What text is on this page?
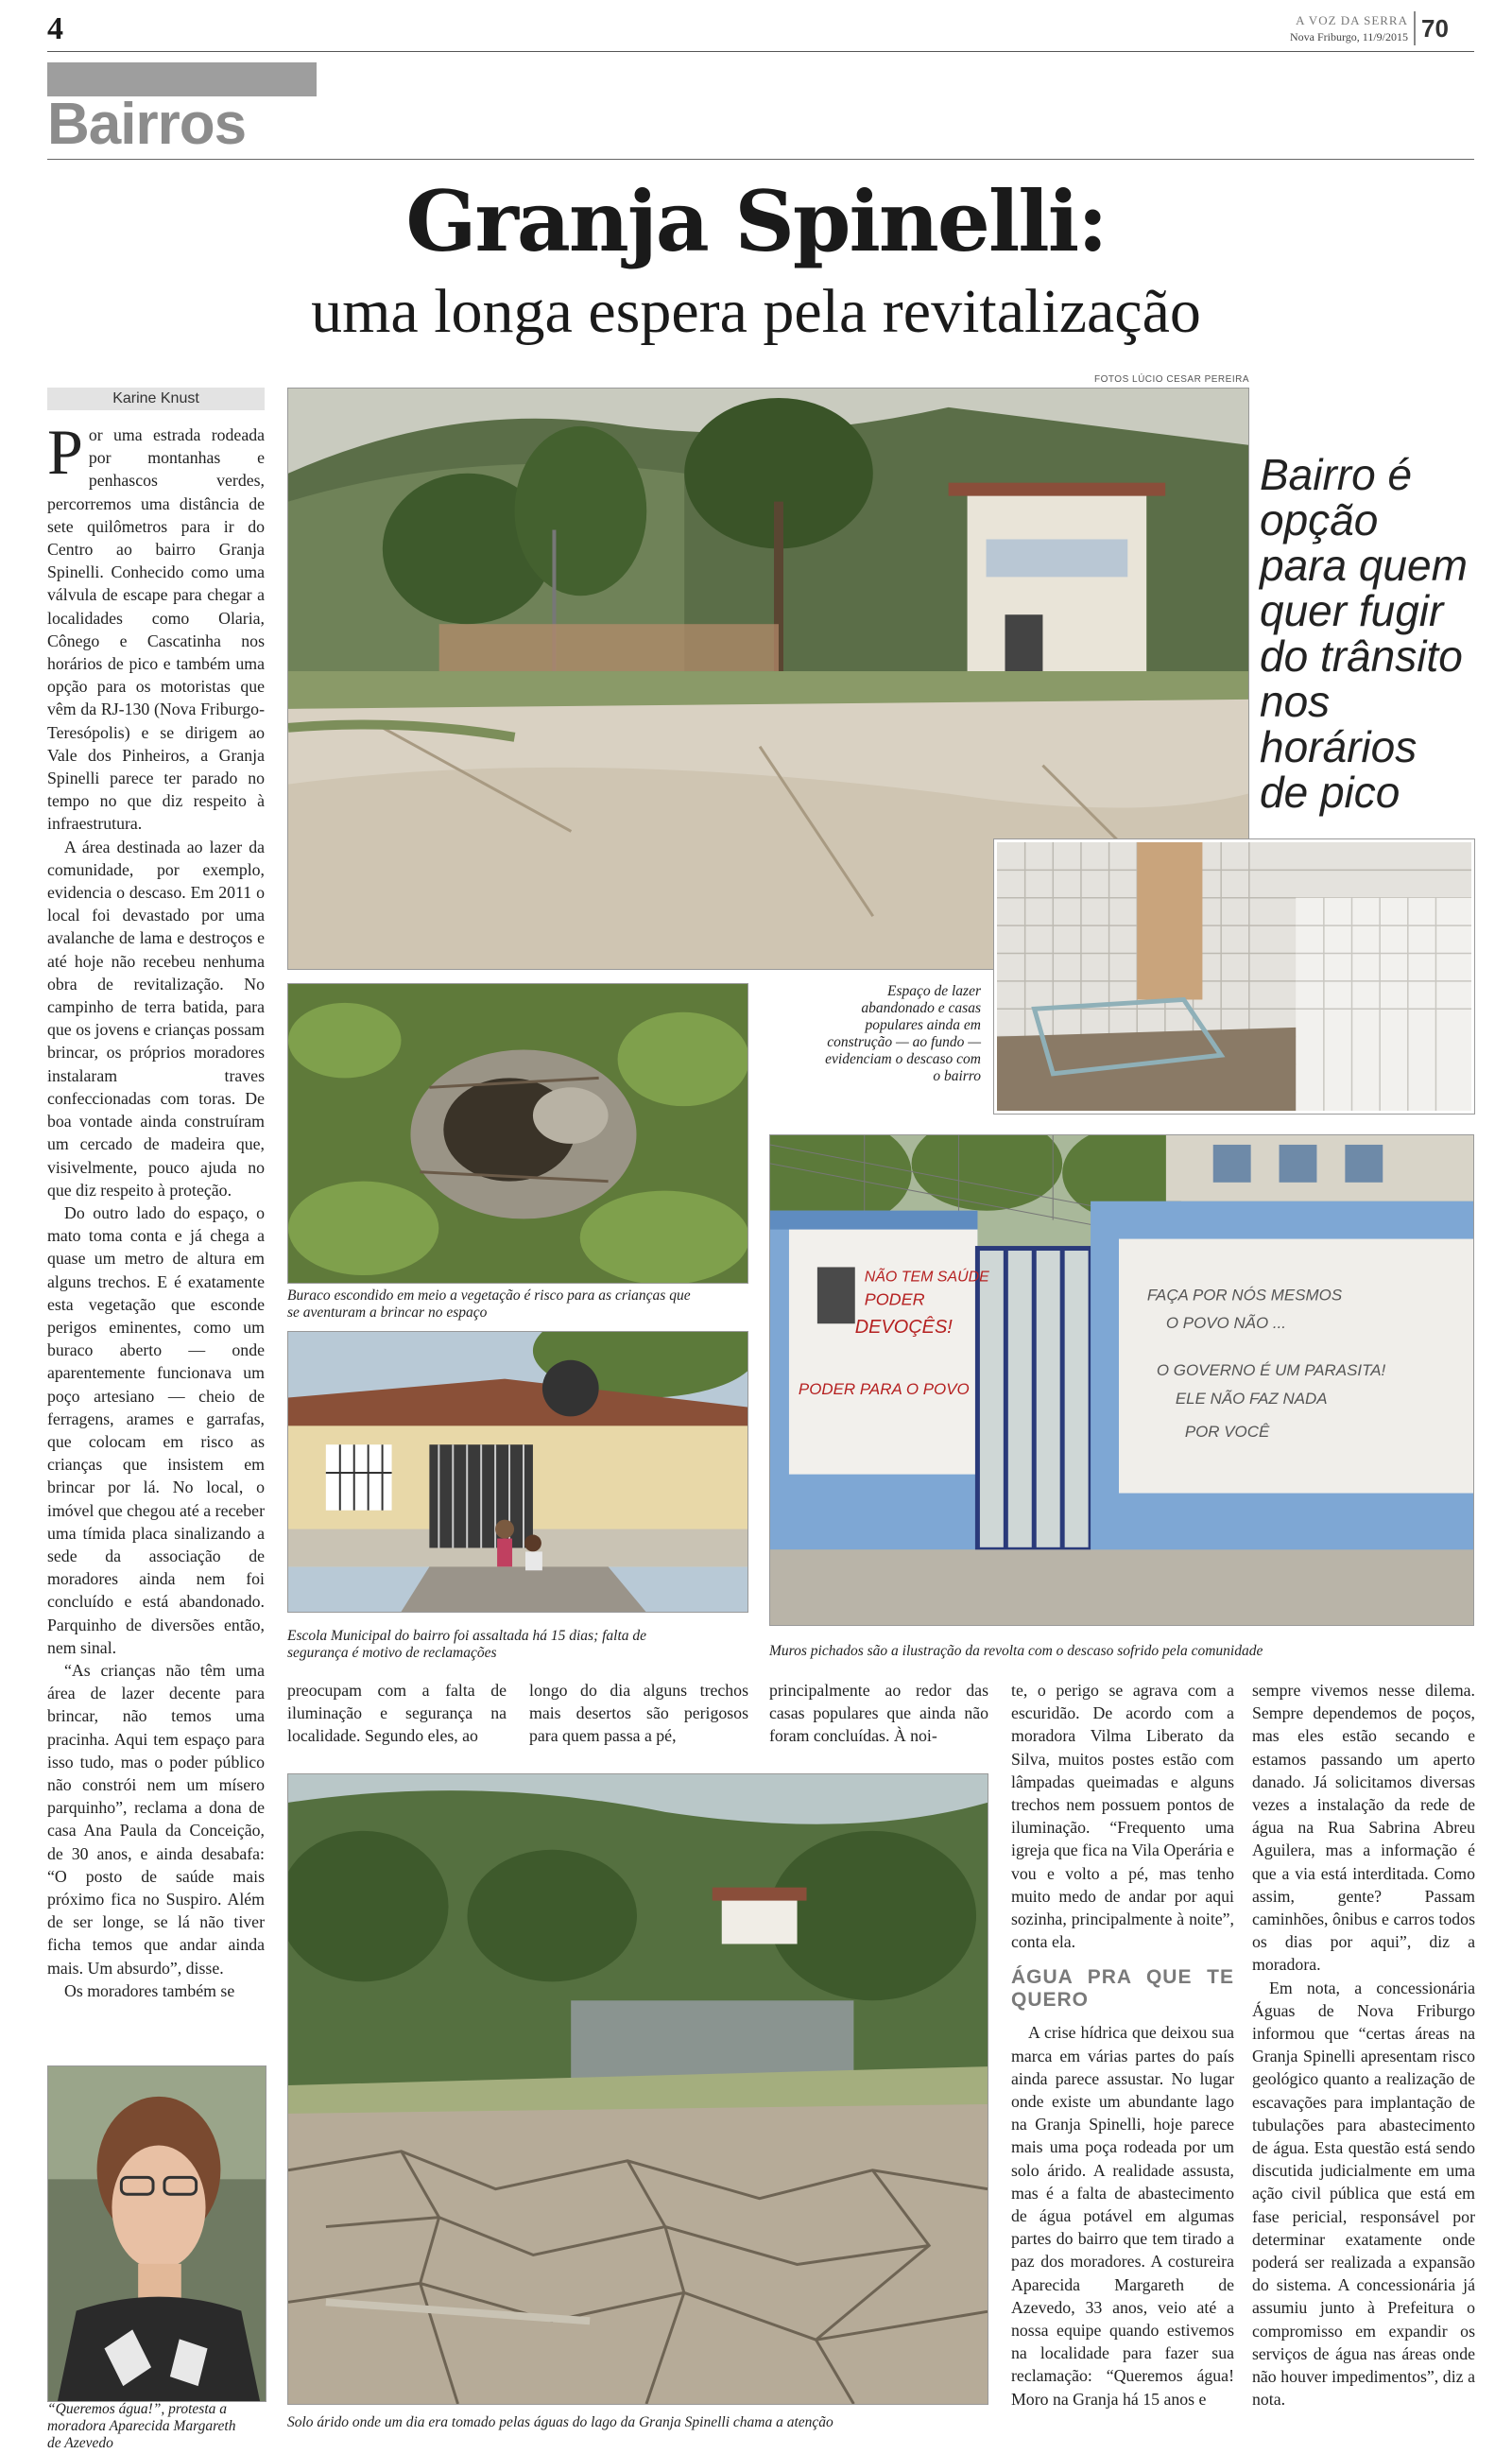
4	A VOZ DA SERRA
Nova Friburgo, 11/9/2015 70
Bairros
Granja Spinelli:
uma longa espera pela revitalização
Karine Knust
FOTOS LÚCIO CESAR PEREIRA

Por uma estrada rodeada por montanhas e penhascos verdes, percorremos uma distância de sete quilômetros para ir do Centro ao bairro Granja Spinelli. Conhecido como uma válvula de escape para chegar a localidades como Olaria, Cônego e Cascatinha nos horários de pico e também uma opção para os motoristas que vêm da RJ-130 (Nova Friburgo-Teresópolis) e se dirigem ao Vale dos Pinheiros, a Granja Spinelli parece ter parado no tempo no que diz respeito à infraestrutura.

A área destinada ao lazer da comunidade, por exemplo, evidencia o descaso. Em 2011 o local foi devastado por uma avalanche de lama e destroços e até hoje não recebeu nenhuma obra de revitalização. No campinho de terra batida, para que os jovens e crianças possam brincar, os próprios moradores instalaram traves confeccionadas com toras. De boa vontade ainda construíram um cercado de madeira que, visivelmente, pouco ajuda no que diz respeito à proteção.

Do outro lado do espaço, o mato toma conta e já chega a quase um metro de altura em alguns trechos. E é exatamente esta vegetação que esconde perigos eminentes, como um buraco aberto — onde aparentemente funcionava um poço artesiano — cheio de ferragens, arames e garrafas, que colocam em risco as crianças que insistem em brincar por lá. No local, o imóvel que chegou até a receber uma tímida placa sinalizando a sede da associação de moradores ainda nem foi concluído e está abandonado. Parquinho de diversões então, nem sinal.

“As crianças não têm uma área de lazer decente para brincar, não temos uma pracinha. Aqui tem espaço para isso tudo, mas o poder público não constrói nem um mísero parquinho”, reclama a dona de casa Ana Paula da Conceição, de 30 anos, e ainda desabafa: “O posto de saúde mais próximo fica no Suspiro. Além de ser longe, se lá não tiver ficha temos que andar ainda mais. Um absurdo”, disse.

Os moradores também se

“Queremos água!”, protesta a moradora Aparecida Margareth de Azevedo
Bairro é opção para quem quer fugir do trânsito nos horários de pico
Espaço de lazer abandonado e casas populares ainda em construção — ao fundo — evidenciam o descaso com o bairro
Buraco escondido em meio a vegetação é risco para as crianças que se aventuram a brincar no espaço
Escola Municipal do bairro foi assaltada há 15 dias; falta de segurança é motivo de reclamações
NÃO TEM SAÚDE
PODER
DEVOÇÊS!
PODER PARA O POVO
FAÇA POR NÓS MESMOS
O POVO NÃO ...
O GOVERNO É UM PARASITA!
ELE NÃO FAZ NADA
POR VOCÊ
Muros pichados são a ilustração da revolta com o descaso sofrido pela comunidade

preocupam com a falta de iluminação e segurança na localidade. Segundo eles, ao

longo do dia alguns trechos mais desertos são perigosos para quem passa a pé,

principalmente ao redor das casas populares que ainda não foram concluídas. À noi-

Solo árido onde um dia era tomado pelas águas do lago da Granja Spinelli chama a atenção

te, o perigo se agrava com a escuridão. De acordo com a moradora Vilma Liberato da Silva, muitos postes estão com lâmpadas queimadas e alguns trechos nem possuem pontos de iluminação. “Frequento uma igreja que fica na Vila Operária e vou e volto a pé, mas tenho muito medo de andar por aqui sozinha, principalmente à noite”, conta ela.

ÁGUA PRA QUE TE QUERO

A crise hídrica que deixou sua marca em várias partes do país ainda parece assustar. No lugar onde existe um abundante lago na Granja Spinelli, hoje parece mais uma poça rodeada por um solo árido. A realidade assusta, mas é a falta de abastecimento de água potável em algumas partes do bairro que tem tirado a paz dos moradores. A costureira Aparecida Margareth de Azevedo, 33 anos, veio até a nossa equipe quando estivemos na localidade para fazer sua reclamação: “Queremos água! Moro na Granja há 15 anos e

sempre vivemos nesse dilema. Sempre dependemos de poços, mas eles estão secando e estamos passando um aperto danado. Já solicitamos diversas vezes a instalação da rede de água na Rua Sabrina Abreu Aguilera, mas a informação é que a via está interditada. Como assim, gente? Passam caminhões, ônibus e carros todos os dias por aqui”, diz a moradora.

Em nota, a concessionária Águas de Nova Friburgo informou que “certas áreas na Granja Spinelli apresentam risco geológico quanto a realização de escavações para implantação de tubulações para abastecimento de água. Esta questão está sendo discutida judicialmente em uma ação civil pública que está em fase pericial, responsável por determinar exatamente onde poderá ser realizada a expansão do sistema. A concessionária já assumiu junto à Prefeitura o compromisso em expandir os serviços de água nas áreas onde não houver impedimentos”, diz a nota.
